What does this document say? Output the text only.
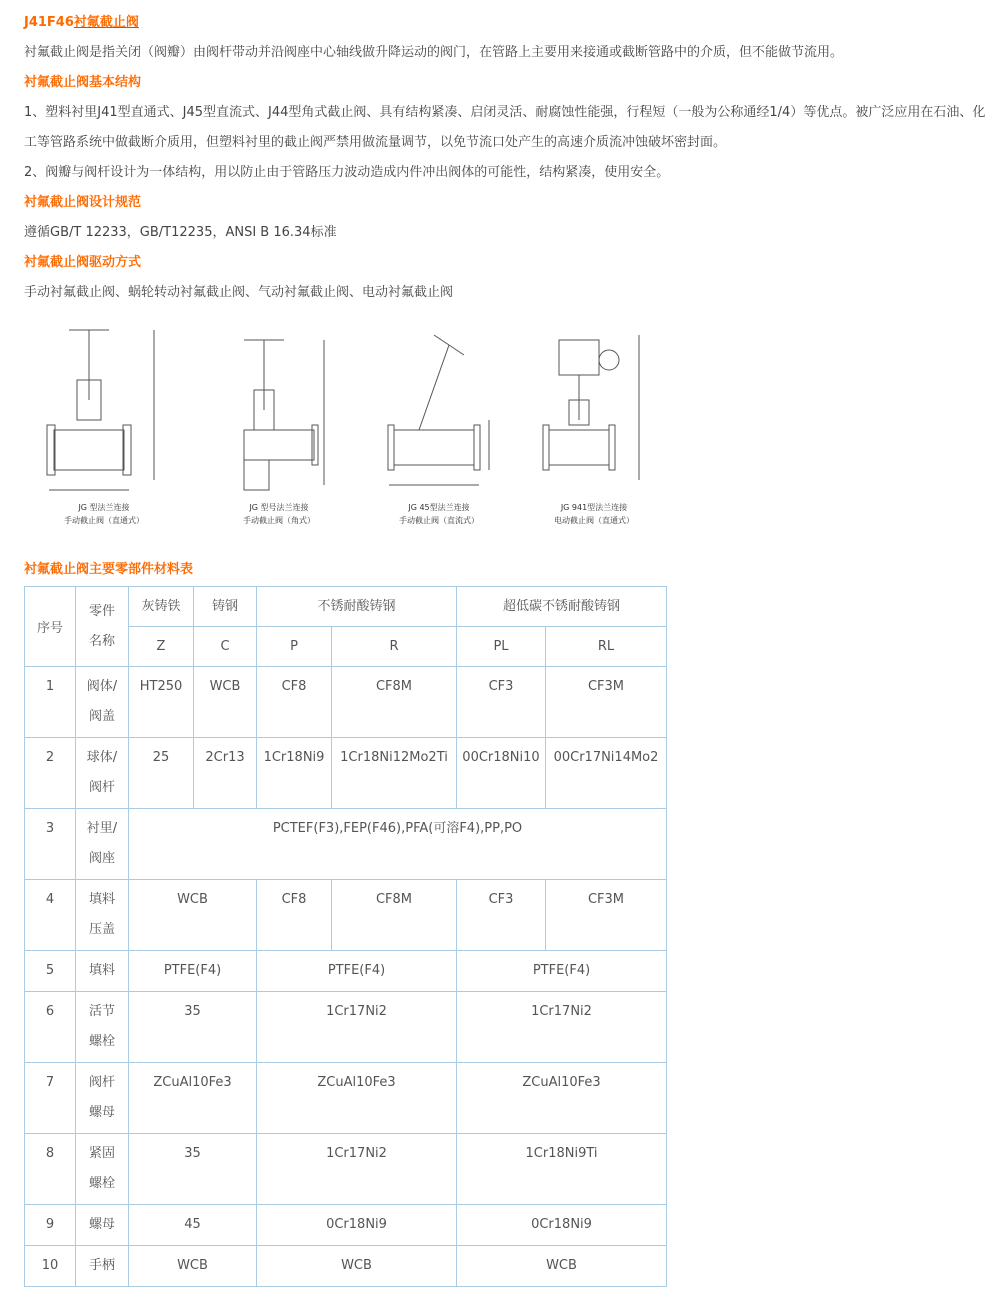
J41F46衬氟截止阀
衬氟截止阀是指关闭（阀瓣）由阀杆带动并沿阀座中心轴线做升降运动的阀门，在管路上主要用来接通或截断管路中的介质，但不能做节流用。
衬氟截止阀基本结构
1、塑料衬里J41型直通式、J45型直流式、J44型角式截止阀、具有结构紧凑、启闭灵活、耐腐蚀性能强，行程短（一般为公称通经1/4）等优点。被广泛应用在石油、化工等管路系统中做截断介质用，但塑料衬里的截止阀严禁用做流量调节，以免节流口处产生的高速介质流冲蚀破坏密封面。
2、阀瓣与阀杆设计为一体结构，用以防止由于管路压力波动造成内件冲出阀体的可能性，结构紧凑，使用安全。
衬氟截止阀设计规范
遵循GB/T 12233，GB/T12235，ANSI B 16.34标准
衬氟截止阀驱动方式
手动衬氟截止阀、蜗轮转动衬氟截止阀、气动衬氟截止阀、电动衬氟截止阀
JG 型法兰连接
手动截止阀（直通式）
JG 型号法兰连接
手动截止阀（角式）
JG 45型法兰连接
手动截止阀（直流式）
JG 941型法兰连接
电动截止阀（直通式）
衬氟截止阀主要零部件材料表
序号	零件名称	灰铸铁	铸钢	不锈耐酸铸钢		超低碳不锈耐酸铸钢	
		Z	C	P	R	PL	RL
1	阀体/阀盖	HT250	WCB	CF8	CF8M	CF3	CF3M
2	球体/阀杆	25	2Cr13	1Cr18Ni9	1Cr18Ni12Mo2Ti	00Cr18Ni10	00Cr17Ni14Mo2
3	衬里/阀座	PCTEF(F3),FEP(F46),PFA(可溶F4),PP,PO					
4	填料压盖	WCB		CF8	CF8M	CF3	CF3M
5	填料	PTFE(F4)		PTFE(F4)		PTFE(F4)	
6	活节螺栓	35		1Cr17Ni2		1Cr17Ni2	
7	阀杆螺母	ZCuAl10Fe3		ZCuAl10Fe3		ZCuAl10Fe3	
8	紧固螺栓	35		1Cr17Ni2		1Cr18Ni9Ti	
9	螺母	45		0Cr18Ni9		0Cr18Ni9	
10	手柄	WCB		WCB		WCB	
